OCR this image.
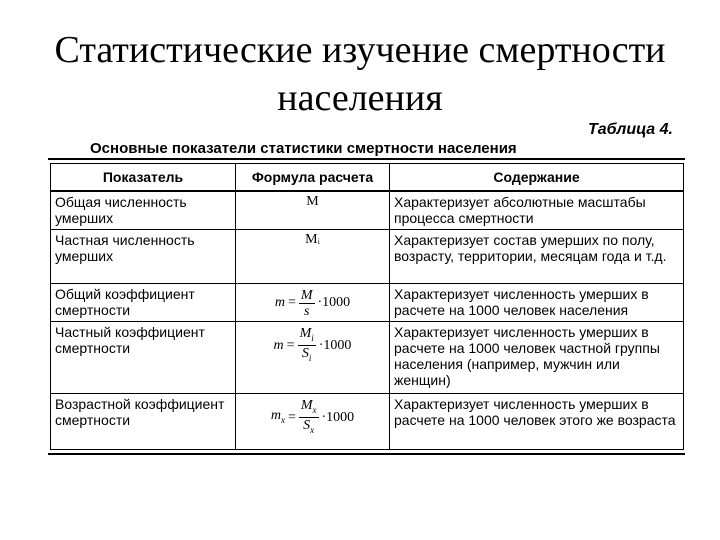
Статистические изучение смертности
населения
Таблица 4.
Основные показатели статистики смертности населения
Показатель	Формула расчета	Содержание
Общая численность умерших	М	Характеризует абсолютные масштабы процесса смертности
Частная численность умерших	Мᵢ	Характеризует состав умерших по полу, возрасту, территории, месяцам года и т.д.
Общий коэффициент смертности	$m = \frac{M}{s} \cdot 1000$	Характеризует численность умерших в расчете на 1000 человек населения
Частный коэффициент смертности	$m = \frac{M_i}{S_i} \cdot 1000$	Характеризует численность умерших в расчете на 1000 человек частной группы населения (например, мужчин или женщин)
Возрастной коэффициент смертности	$m_x = \frac{M_x}{S_x} \cdot 1000$	Характеризует численность умерших в расчете на 1000 человек этого же возраста
